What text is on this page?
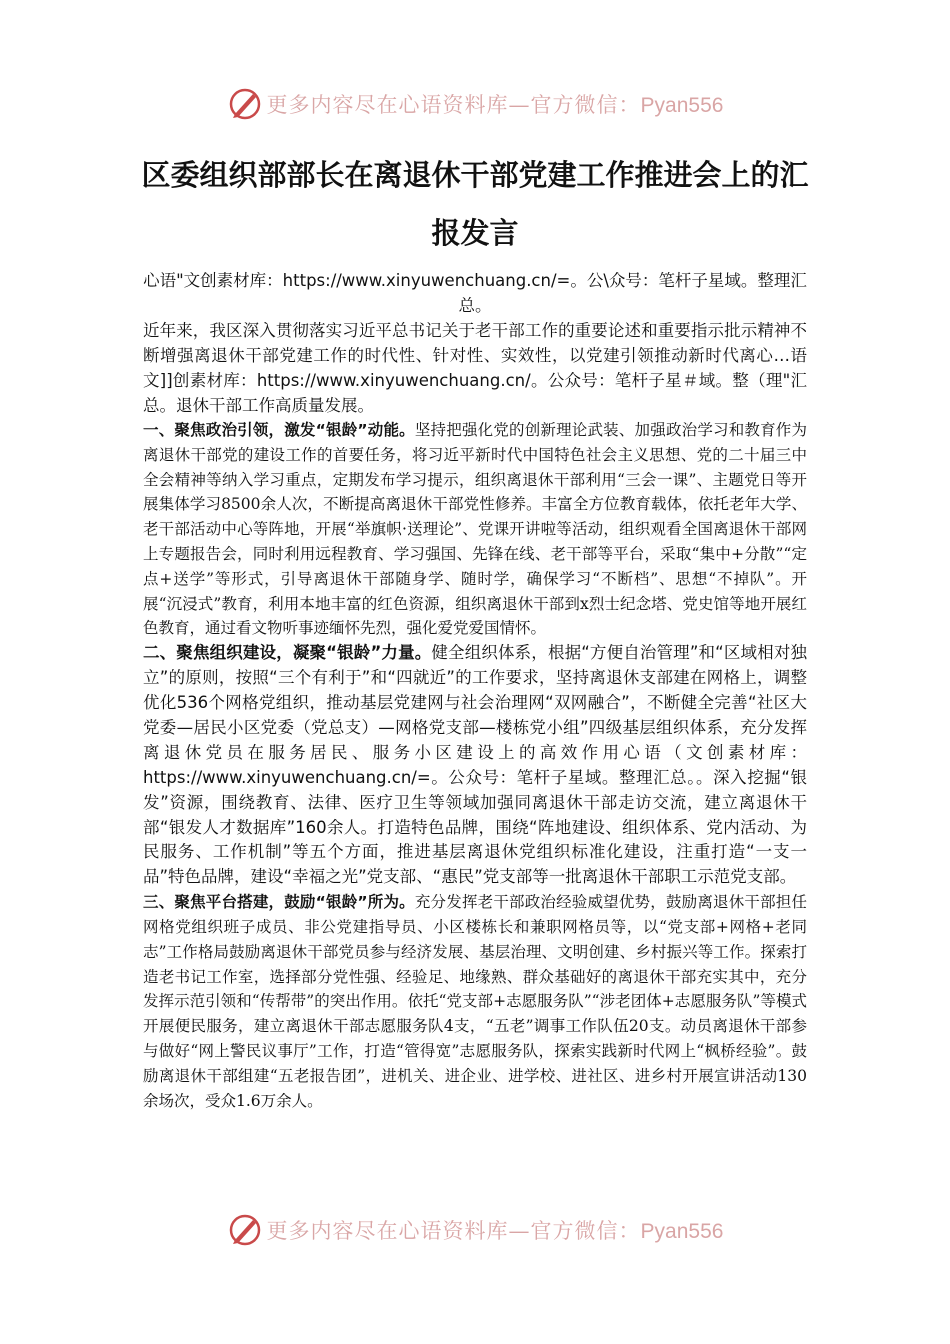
更多内容尽在心语资料库—官方微信：Pyan556
区委组织部部长在离退休干部党建工作推进会上的汇报发言

心语"文创素材库：https://www.xinyuwenchuang.cn/=。公\众号：笔杆子星域。整理汇总。

近年来，我区深入贯彻落实习近平总书记关于老干部工作的重要论述和重要指示批示精神不断增强离退休干部党建工作的时代性、针对性、实效性，以党建引领推动新时代离心…语文]]创素材库：https://www.xinyuwenchuang.cn/。公众号：笔杆子星＃域。整（理"汇总。退休干部工作高质量发展。

一、聚焦政治引领，激发“银龄”动能。坚持把强化党的创新理论武装、加强政治学习和教育作为离退休干部党的建设工作的首要任务，将习近平新时代中国特色社会主义思想、党的二十届三中全会精神等纳入学习重点，定期发布学习提示，组织离退休干部利用“三会一课”、主题党日等开展集体学习8500余人次，不断提高离退休干部党性修养。丰富全方位教育载体，依托老年大学、老干部活动中心等阵地，开展“举旗帜·送理论”、党课开讲啦等活动，组织观看全国离退休干部网上专题报告会，同时利用远程教育、学习强国、先锋在线、老干部等平台，采取“集中+分散”“定点+送学”等形式，引导离退休干部随身学、随时学，确保学习“不断档”、思想“不掉队”。开展“沉浸式”教育，利用本地丰富的红色资源，组织离退休干部到x烈士纪念塔、党史馆等地开展红色教育，通过看文物听事迹缅怀先烈，强化爱党爱国情怀。

二、聚焦组织建设，凝聚“银龄”力量。健全组织体系，根据“方便自治管理”和“区域相对独立”的原则，按照“三个有利于”和“四就近”的工作要求，坚持离退休支部建在网格上，调整优化536个网格党组织，推动基层党建网与社会治理网“双网融合”，不断健全完善“社区大党委—居民小区党委（党总支）—网格党支部—楼栋党小组”四级基层组织体系，充分发挥离退休党员在服务居民、服务小区建设上的高效作用心语（文创素材库：https://www.xinyuwenchuang.cn/=。公众号：笔杆子星域。整理汇总。。深入挖掘“银发”资源，围绕教育、法律、医疗卫生等领域加强同离退休干部走访交流，建立离退休干部“银发人才数据库”160余人。打造特色品牌，围绕“阵地建设、组织体系、党内活动、为民服务、工作机制”等五个方面，推进基层离退休党组织标准化建设，注重打造“一支一品”特色品牌，建设“幸福之光”党支部、“惠民”党支部等一批离退休干部职工示范党支部。

三、聚焦平台搭建，鼓励“银龄”所为。充分发挥老干部政治经验威望优势，鼓励离退休干部担任网格党组织班子成员、非公党建指导员、小区楼栋长和兼职网格员等，以“党支部+网格+老同志”工作格局鼓励离退休干部党员参与经济发展、基层治理、文明创建、乡村振兴等工作。探索打造老书记工作室，选择部分党性强、经验足、地缘熟、群众基础好的离退休干部充实其中，充分发挥示范引领和“传帮带”的突出作用。依托“党支部+志愿服务队”“涉老团体+志愿服务队”等模式开展便民服务，建立离退休干部志愿服务队4支，“五老”调事工作队伍20支。动员离退休干部参与做好“网上警民议事厅”工作，打造“管得宽”志愿服务队，探索实践新时代网上“枫桥经验”。鼓励离退休干部组建“五老报告团”，进机关、进企业、进学校、进社区、进乡村开展宣讲活动130余场次，受众1.6万余人。

更多内容尽在心语资料库—官方微信：Pyan556
